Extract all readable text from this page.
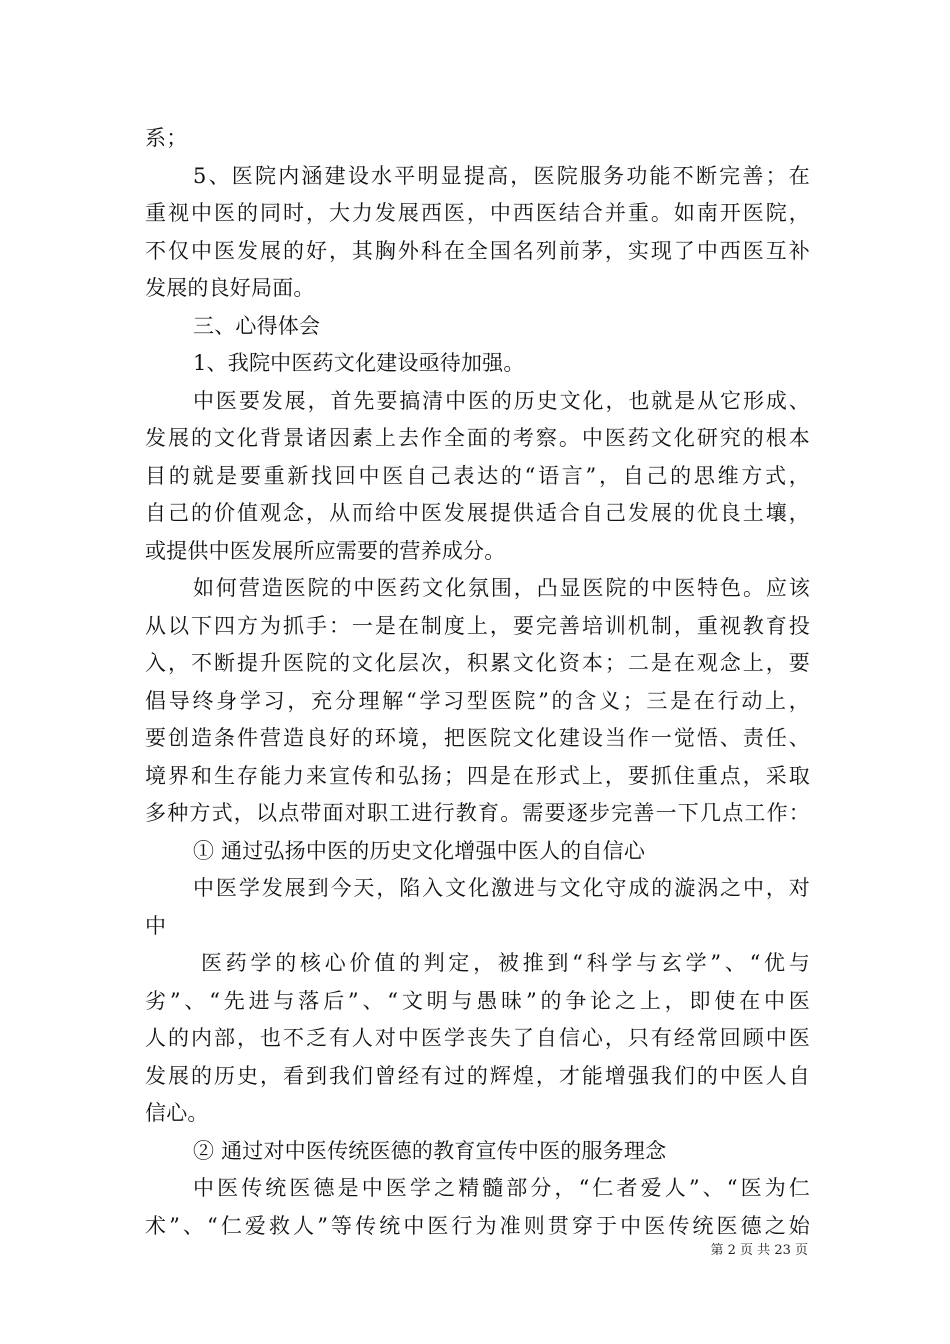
系；
5、医院内涵建设水平明显提高，医院服务功能不断完善；在
重视中医的同时，大力发展西医，中西医结合并重。如南开医院，
不仅中医发展的好，其胸外科在全国名列前茅，实现了中西医互补
发展的良好局面。
三、心得体会
1、我院中医药文化建设亟待加强。
中医要发展，首先要搞清中医的历史文化，也就是从它形成、
发展的文化背景诸因素上去作全面的考察。中医药文化研究的根本
目的就是要重新找回中医自己表达的“语言”，自己的思维方式，
自己的价值观念，从而给中医发展提供适合自己发展的优良土壤，
或提供中医发展所应需要的营养成分。
如何营造医院的中医药文化氛围，凸显医院的中医特色。应该
从以下四方为抓手：一是在制度上，要完善培训机制，重视教育投
入，不断提升医院的文化层次，积累文化资本；二是在观念上，要
倡导终身学习，充分理解“学习型医院”的含义；三是在行动上，
要创造条件营造良好的环境，把医院文化建设当作一觉悟、责任、
境界和生存能力来宣传和弘扬；四是在形式上，要抓住重点，采取
多种方式，以点带面对职工进行教育。需要逐步完善一下几点工作：
① 通过弘扬中医的历史文化增强中医人的自信心
中医学发展到今天，陷入文化激进与文化守成的漩涡之中，对
中
医药学的核心价值的判定，被推到“科学与玄学”、“优与
劣”、“先进与落后”、“文明与愚昧”的争论之上，即使在中医
人的内部，也不乏有人对中医学丧失了自信心，只有经常回顾中医
发展的历史，看到我们曾经有过的辉煌，才能增强我们的中医人自
信心。
② 通过对中医传统医德的教育宣传中医的服务理念
中医传统医德是中医学之精髓部分，“仁者爱人”、“医为仁
术”、“仁爱救人”等传统中医行为准则贯穿于中医传统医德之始
第 2 页 共 23 页
